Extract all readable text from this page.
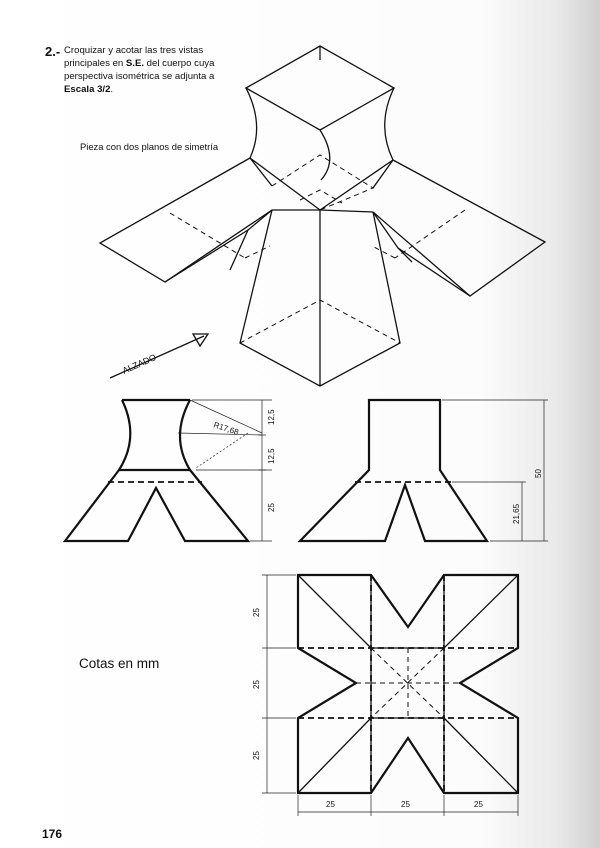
2.- Croquizar y acotar las tres vistas principales en S.E. del cuerpo cuya perspectiva isométrica se adjunta a Escala 3/2.
Pieza con dos planos de simetría
ALZADO
R17,68
12,5
12,5
25
50
21,65
25
25
25
25	25	25
Cotas en mm
176
